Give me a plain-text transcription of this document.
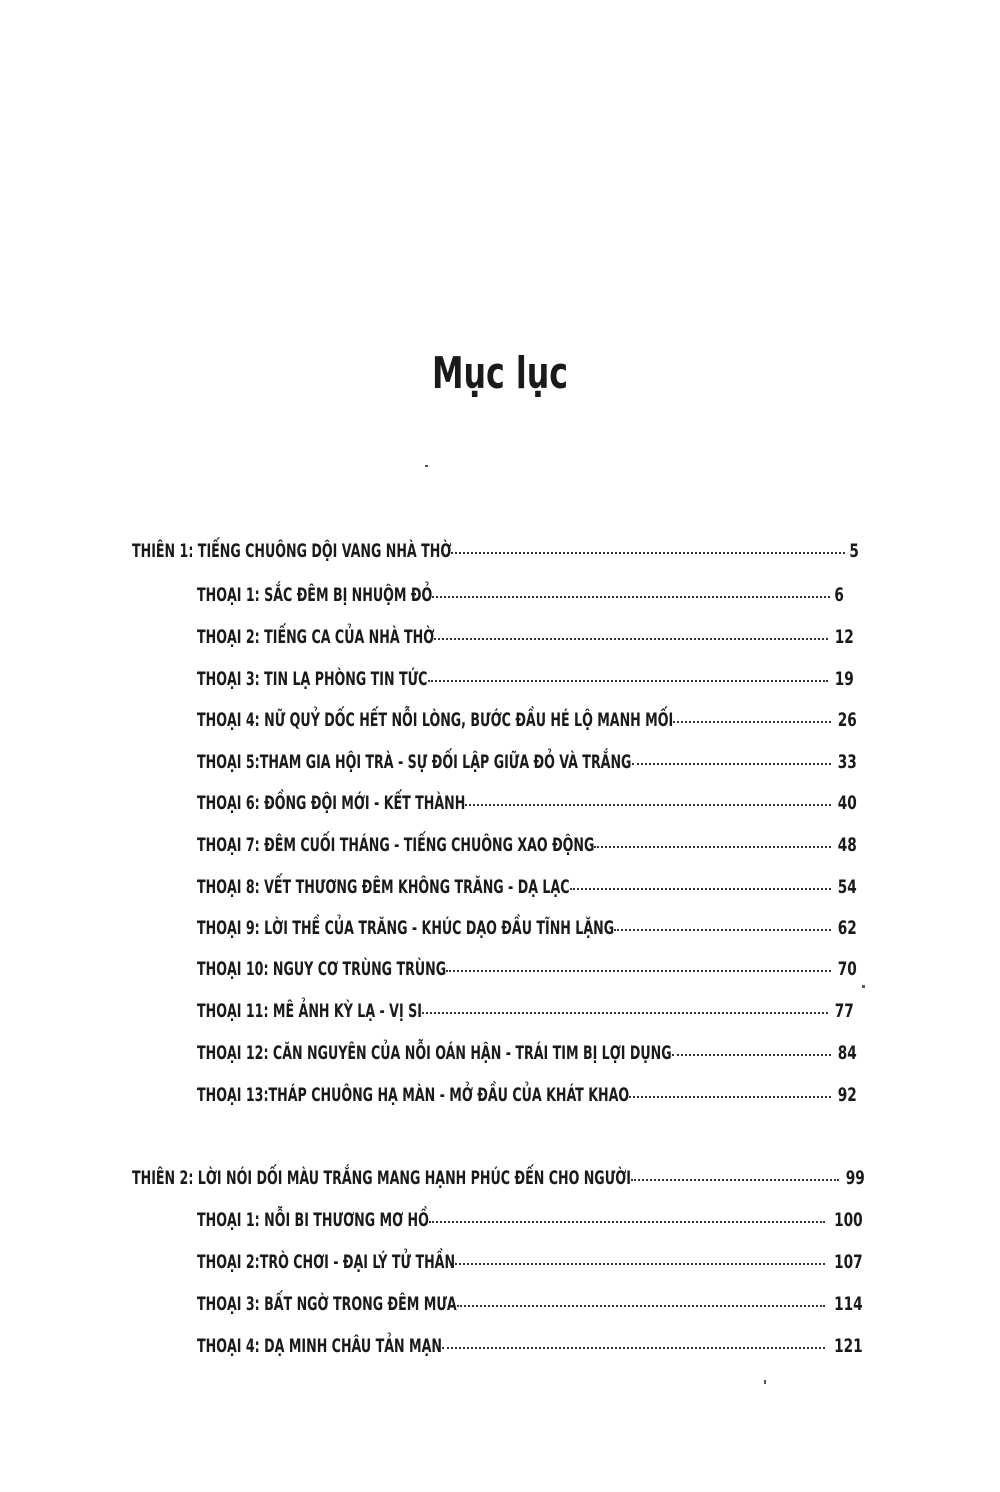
Mục lục
THIÊN 1: TIẾNG CHUÔNG DỘI VANG NHÀ THỜ	5
THOẠI 1: SẮC ĐÊM BỊ NHUỘM ĐỎ	6
THOẠI 2: TIẾNG CA CỦA NHÀ THỜ	12
THOẠI 3: TIN LẠ PHÒNG TIN TỨC	19
THOẠI 4: NỮ QUỶ DỐC HẾT NỖI LÒNG, BƯỚC ĐẦU HÉ LỘ MANH MỐI	26
THOẠI 5:THAM GIA HỘI TRÀ - SỰ ĐỐI LẬP GIỮA ĐỎ VÀ TRẮNG	33
THOẠI 6: ĐỒNG ĐỘI MỚI - KẾT THÀNH	40
THOẠI 7: ĐÊM CUỐI THÁNG - TIẾNG CHUÔNG XAO ĐỘNG	48
THOẠI 8: VẾT THƯƠNG ĐÊM KHÔNG TRĂNG - DẠ LẠC	54
THOẠI 9: LỜI THỀ CỦA TRĂNG - KHÚC DẠO ĐẦU TĨNH LẶNG	62
THOẠI 10: NGUY CƠ TRÙNG TRÙNG	70
THOẠI 11: MÊ ẢNH KỲ LẠ - VỊ SI	77
THOẠI 12: CĂN NGUYÊN CỦA NỖI OÁN HẬN - TRÁI TIM BỊ LỢI DỤNG	84
THOẠI 13:THÁP CHUÔNG HẠ MÀN - MỞ ĐẦU CỦA KHÁT KHAO	92
THIÊN 2: LỜI NÓI DỐI MÀU TRẮNG MANG HẠNH PHÚC ĐẾN CHO NGƯỜI	99
THOẠI 1: NỖI BI THƯƠNG MƠ HỒ	100
THOẠI 2:TRÒ CHƠI - ĐẠI LÝ TỬ THẦN	107
THOẠI 3: BẤT NGỜ TRONG ĐÊM MƯA	114
THOẠI 4: DẠ MINH CHÂU TẢN MẠN	121
